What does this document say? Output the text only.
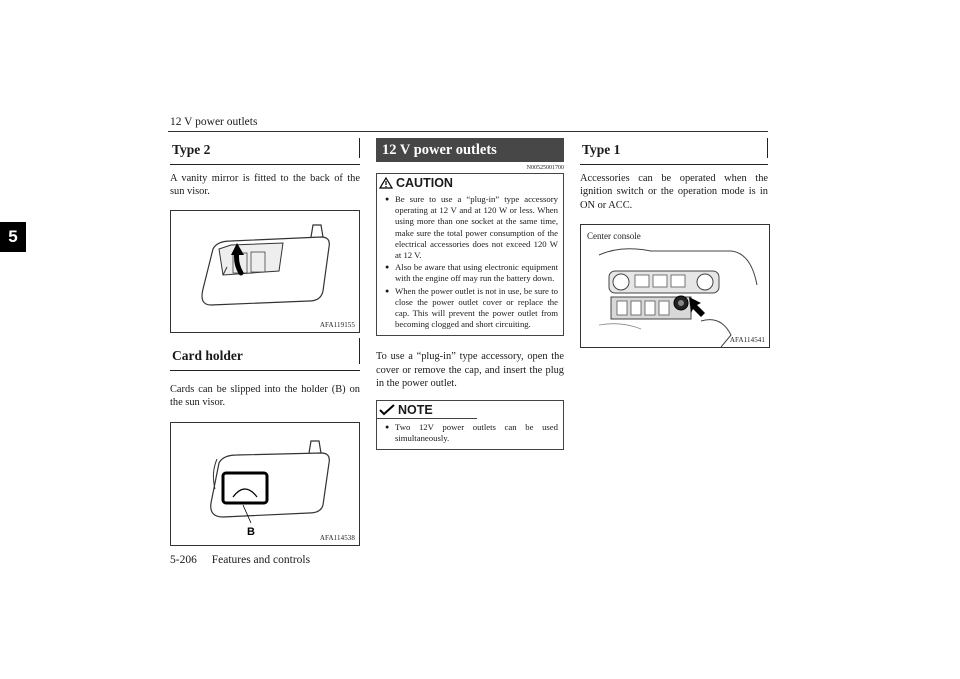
12 V power outlets
5
Type 2
A vanity mirror is fitted to the back of the sun visor.
AFA119155
Card holder
Cards can be slipped into the holder (B) on the sun visor.
B	AFA114538
12 V power outlets
N00525001700
CAUTION
● Be sure to use a “plug-in” type accessory operating at 12 V and at 120 W or less. When using more than one socket at the same time, make sure the total power consumption of the electrical accessories does not exceed 120 W at 12 V.
● Also be aware that using electronic equipment with the engine off may run the battery down.
● When the power outlet is not in use, be sure to close the power outlet cover or replace the cap. This will prevent the power outlet from becoming clogged and short circuiting.
To use a “plug-in” type accessory, open the cover or remove the cap, and insert the plug in the power outlet.
NOTE
● Two 12V power outlets can be used simultaneously.
Type 1
Accessories can be operated when the ignition switch or the operation mode is in ON or ACC.
Center console
AFA114541
5-206 Features and controls
